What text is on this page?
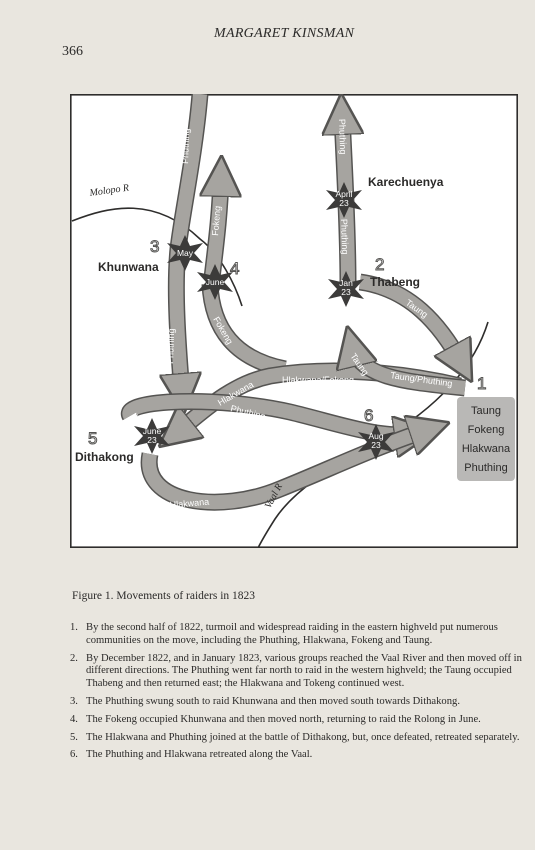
366
MARGARET KINSMAN
Taung
Fokeng
Hlakwana
Phuthing
Karechuenya
Thabeng
Khunwana
Dithakong
1
2
3
4
5
6
April
23
Jan
23
May
June
June
23	Aug
23
Phuthing	Phuthing
Phuthing
Fokeng
Fokeng
Phuthing
Taung
Taung
Taung/Phuthing
Hlakwana/Fokeng
Hlakwana
Phuthing
Hlakwana
Hlakwana
Molopo R
Vaal R
Figure 1. Movements of raiders in 1823
1. By the second half of 1822, turmoil and widespread raiding in the eastern highveld put numerous communities on the move, including the Phuthing, Hlakwana, Fokeng and Taung.
2. By December 1822, and in January 1823, various groups reached the Vaal River and then moved off in different directions. The Phuthing went far north to raid in the western highveld; the Taung occupied Thabeng and then returned east; the Hlakwana and Tokeng continued west.
3. The Phuthing swung south to raid Khunwana and then moved south towards Dithakong.
4. The Fokeng occupied Khunwana and then moved north, returning to raid the Rolong in June.
5. The Hlakwana and Phuthing joined at the battle of Dithakong, but, once defeated, retreated separately.
6. The Phuthing and Hlakwana retreated along the Vaal.
